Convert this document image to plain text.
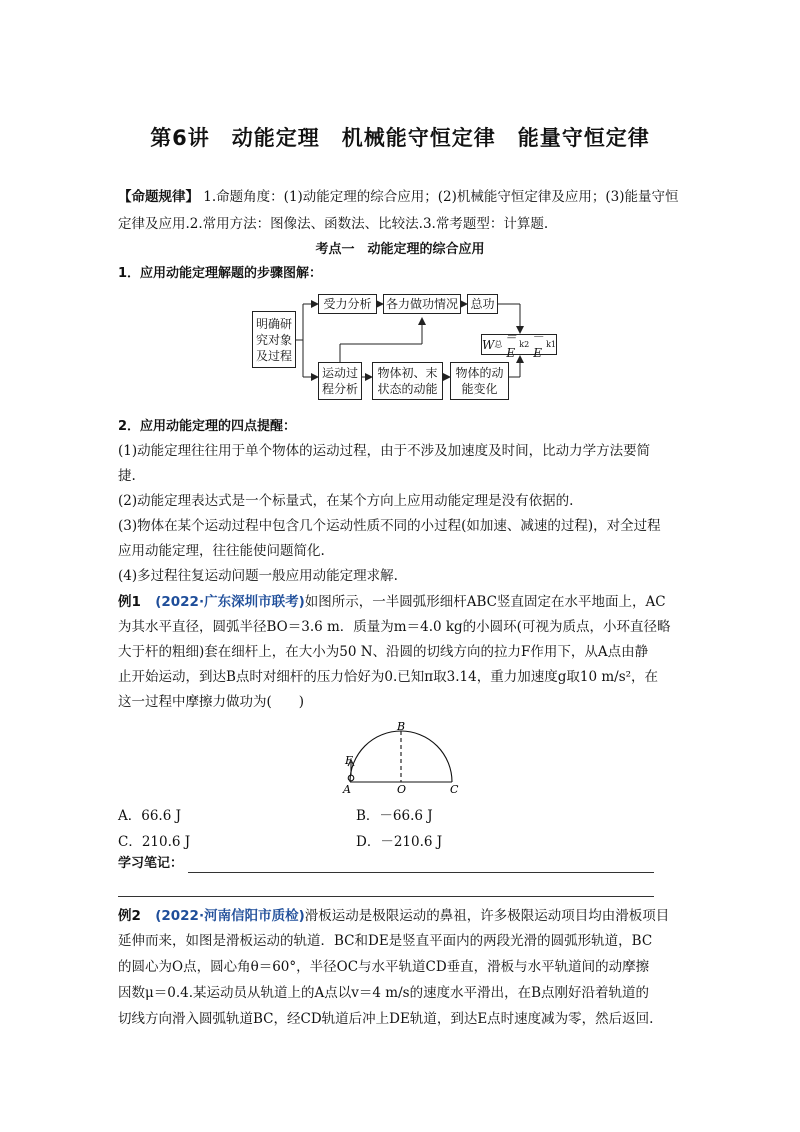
第6讲　动能定理　机械能守恒定律　能量守恒定律
【命题规律】 1.命题角度：(1)动能定理的综合应用；(2)机械能守恒定律及应用；(3)能量守恒
定律及应用.2.常用方法：图像法、函数法、比较法.3.常考题型：计算题.
考点一　动能定理的综合应用
1．应用动能定理解题的步骤图解：
明确研究对象及过程
受力分析	各力做功情况 总功
W 总
＝E
k2
－E
k1
运动过程分析
物体初、末状态的动能
物体的动能变化
2．应用动能定理的四点提醒：
(1)动能定理往往用于单个物体的运动过程，由于不涉及加速度及时间，比动力学方法要简
捷.
(2)动能定理表达式是一个标量式，在某个方向上应用动能定理是没有依据的.
(3)物体在某个运动过程中包含几个运动性质不同的小过程(如加速、减速的过程)，对全过程
应用动能定理，往往能使问题简化.
(4)多过程往复运动问题一般应用动能定理求解.
例1 (2022·广东深圳市联考)如图所示，一半圆弧形细杆ABC竖直固定在水平地面上，AC
为其水平直径，圆弧半径BO＝3.6 m．质量为m＝4.0 kg的小圆环(可视为质点，小环直径略
大于杆的粗细)套在细杆上，在大小为50 N、沿圆的切线方向的拉力F作用下，从A点由静
止开始运动，到达B点时对细杆的压力恰好为0.已知π取3.14，重力加速度g取10 m/s²，在
这一过程中摩擦力做功为(　　)
B
F
A	O	C
A．66.6 J	B．－66.6 J
C．210.6 J	D．－210.6 J
学习笔记：
例2 (2022·河南信阳市质检)滑板运动是极限运动的鼻祖，许多极限运动项目均由滑板项目
延伸而来，如图是滑板运动的轨道．BC和DE是竖直平面内的两段光滑的圆弧形轨道，BC
的圆心为O点，圆心角θ＝60°，半径OC与水平轨道CD垂直，滑板与水平轨道间的动摩擦
因数μ＝0.4.某运动员从轨道上的A点以v＝4 m/s的速度水平滑出，在B点刚好沿着轨道的
切线方向滑入圆弧轨道BC，经CD轨道后冲上DE轨道，到达E点时速度减为零，然后返回.
